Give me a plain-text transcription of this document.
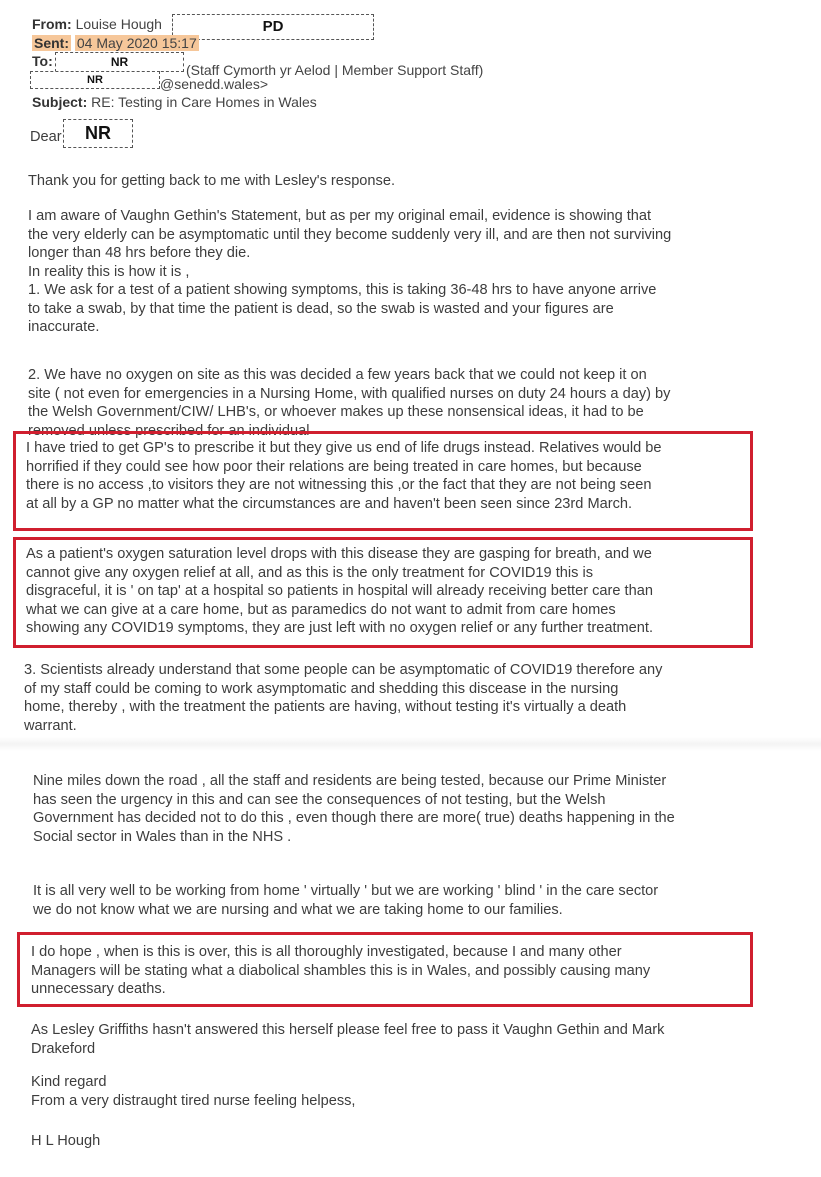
From: Louise Hough	PD
Sent: 04 May 2020 15:17
To:	NR	(Staff Cymorth yr Aelod | Member Support Staff)
NR	@senedd.wales>
Subject: RE: Testing in Care Homes in Wales
Dear	NR
Thank you for getting back to me with Lesley's response.
I am aware of Vaughn Gethin's Statement, but as per my original email, evidence is showing that
the very elderly can be asymptomatic until they become suddenly very ill, and are then not surviving
longer than 48 hrs before they die.
In reality this is how it is ,
1. We ask for a test of a patient showing symptoms, this is taking 36-48 hrs to have anyone arrive
to take a swab, by that time the patient is dead, so the swab is wasted and your figures are
inaccurate.
2. We have no oxygen on site as this was decided a few years back that we could not keep it on
site ( not even for emergencies in a Nursing Home, with qualified nurses on duty 24 hours a day) by
the Welsh Government/CIW/ LHB's, or whoever makes up these nonsensical ideas, it had to be
removed unless prescribed for an individual
I have tried to get GP's to prescribe it but they give us end of life drugs instead. Relatives would be
horrified if they could see how poor their relations are being treated in care homes, but because
there is no access ,to visitors they are not witnessing this ,or the fact that they are not being seen
at all by a GP no matter what the circumstances are and haven't been seen since 23rd March.
As a patient's oxygen saturation level drops with this disease they are gasping for breath, and we
cannot give any oxygen relief at all, and as this is the only treatment for COVID19 this is
disgraceful, it is ' on tap' at a hospital so patients in hospital will already receiving better care than
what we can give at a care home, but as paramedics do not want to admit from care homes
showing any COVID19 symptoms, they are just left with no oxygen relief or any further treatment.
3. Scientists already understand that some people can be asymptomatic of COVID19 therefore any
of my staff could be coming to work asymptomatic and shedding this discease in the nursing
home, thereby , with the treatment the patients are having, without testing it's virtually a death
warrant.
Nine miles down the road , all the staff and residents are being tested, because our Prime Minister
has seen the urgency in this and can see the consequences of not testing, but the Welsh
Government has decided not to do this , even though there are more( true) deaths happening in the
Social sector in Wales than in the NHS .
It is all very well to be working from home ' virtually ' but we are working ' blind ' in the care sector
we do not know what we are nursing and what we are taking home to our families.
I do hope , when is this is over, this is all thoroughly investigated, because I and many other
Managers will be stating what a diabolical shambles this is in Wales, and possibly causing many
unnecessary deaths.
As Lesley Griffiths hasn't answered this herself please feel free to pass it Vaughn Gethin and Mark
Drakeford
Kind regard
From a very distraught tired nurse feeling helpess,
H L Hough
